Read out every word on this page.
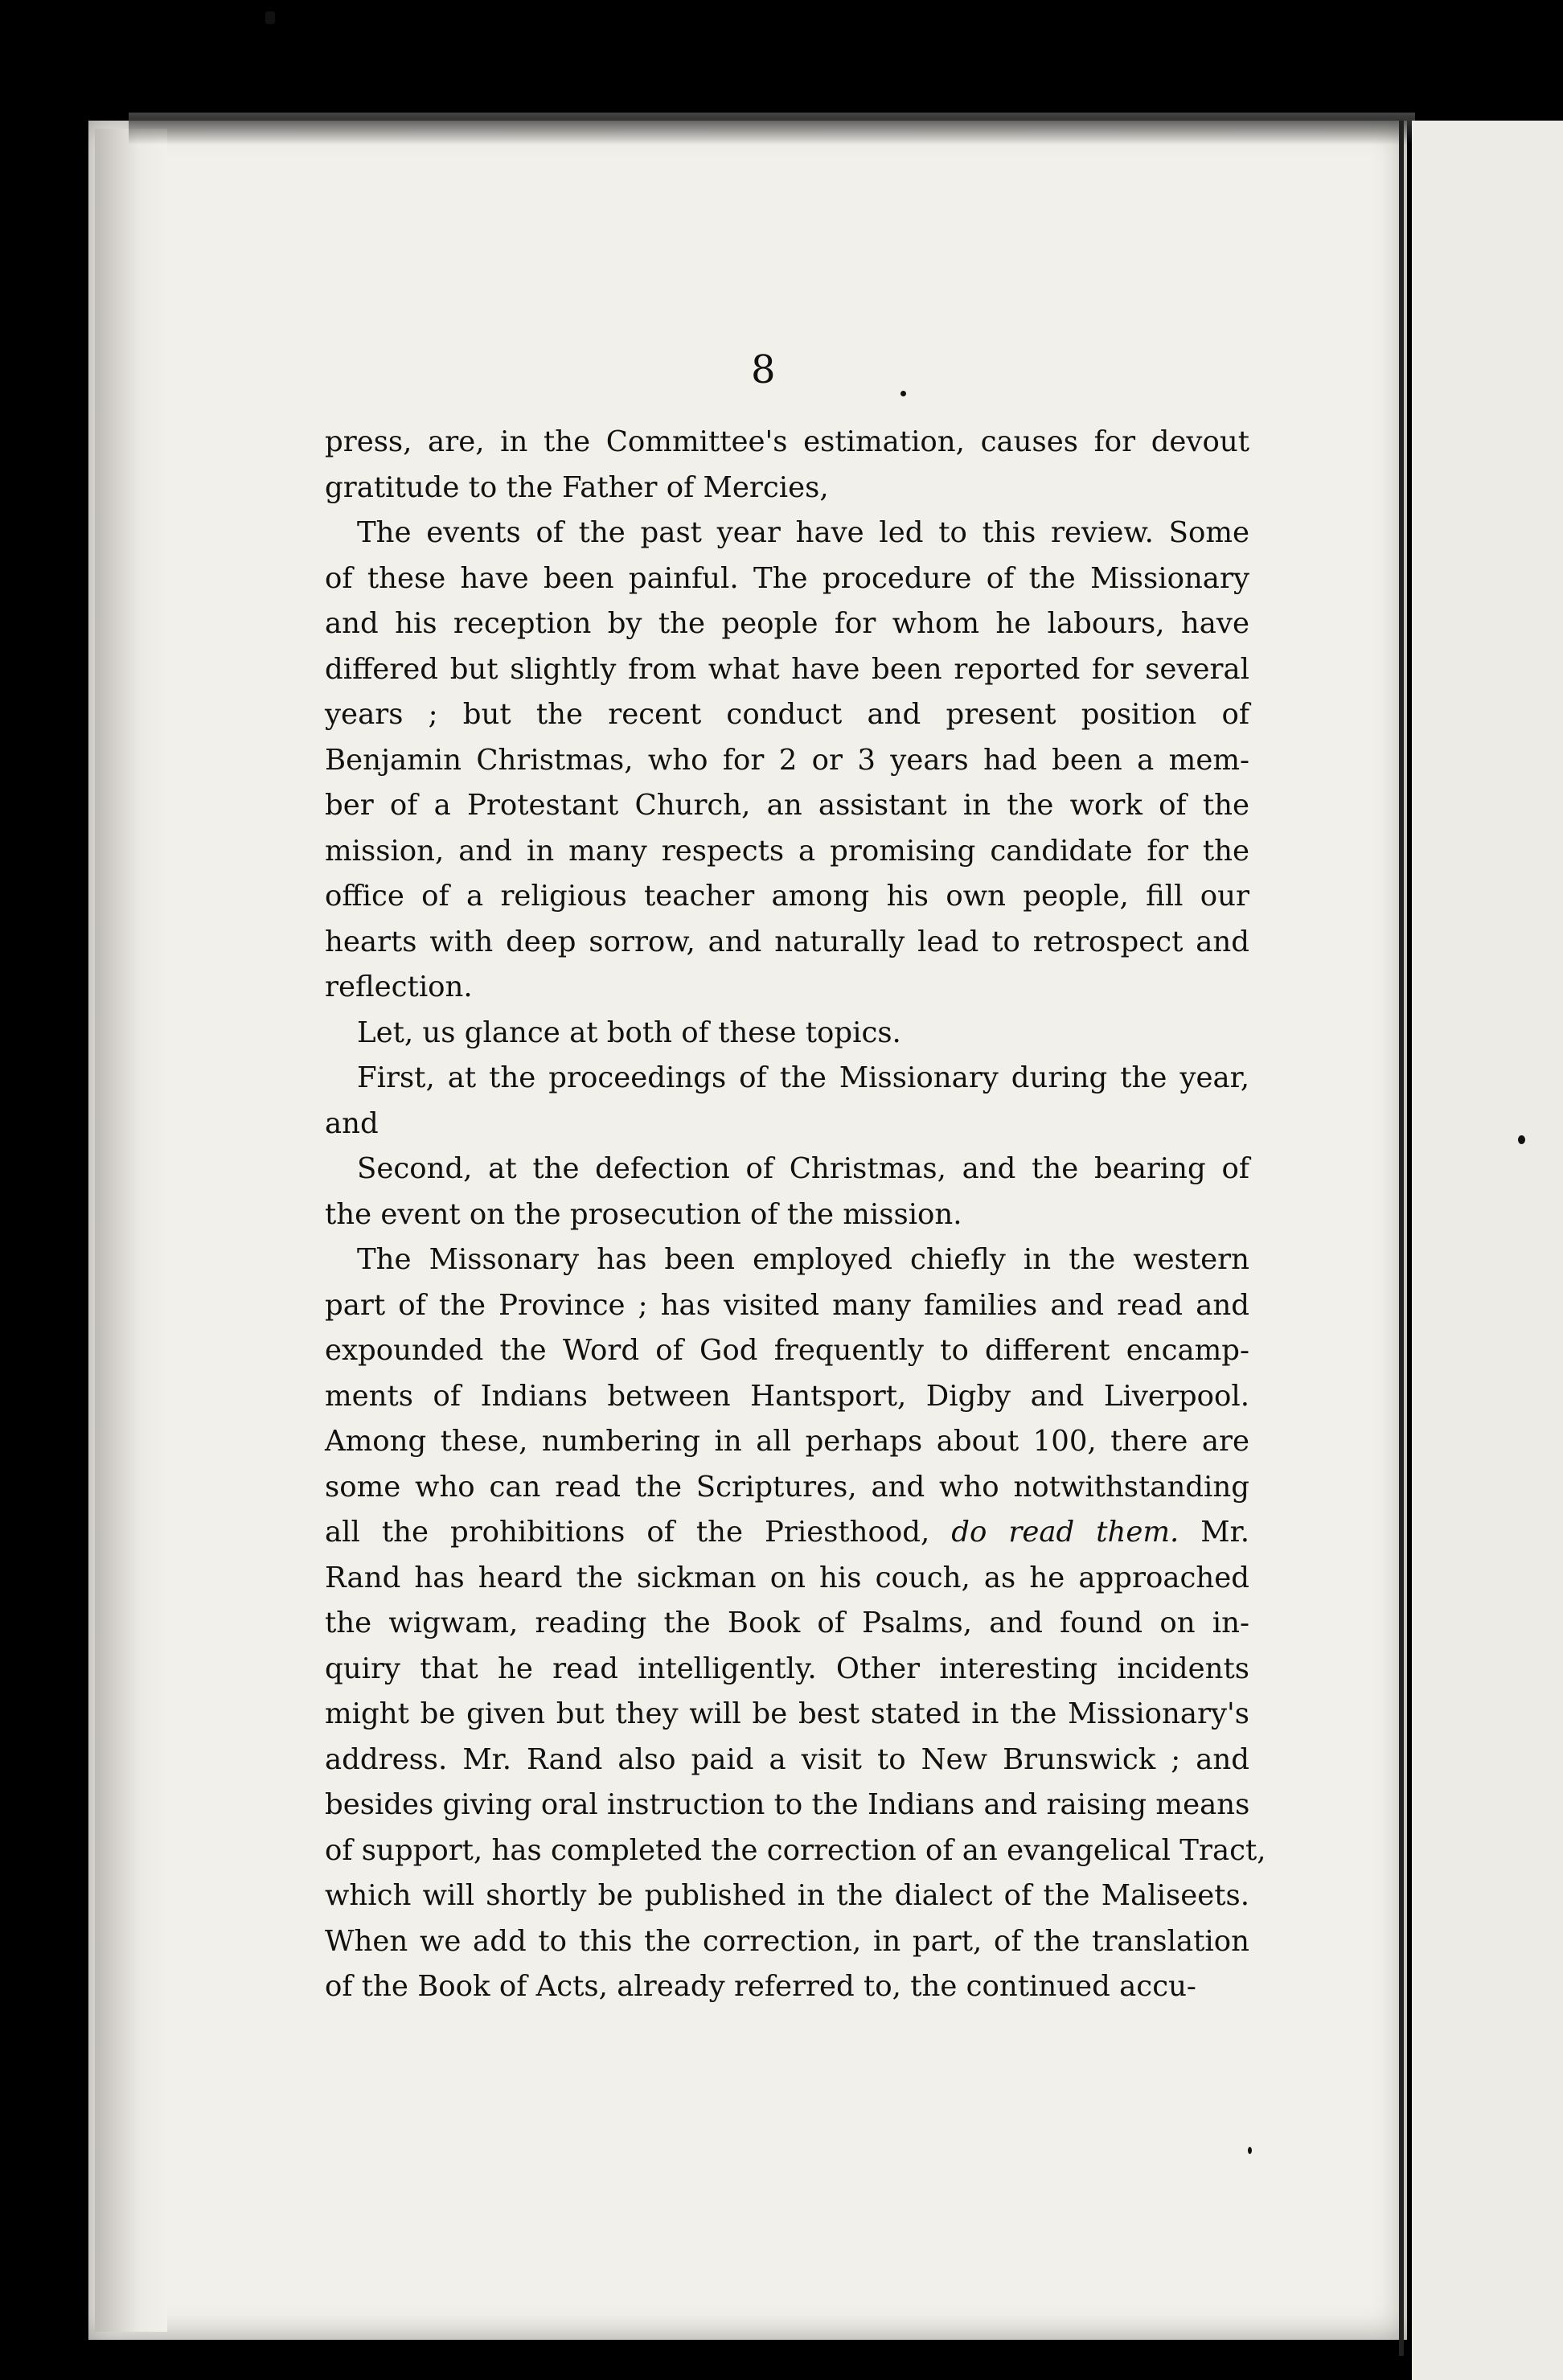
8
press, are, in the Committee's estimation, causes for devout
gratitude to the Father of Mercies,
The events of the past year have led to this review. Some
of these have been painful. The procedure of the Missionary
and his reception by the people for whom he labours, have
differed but slightly from what have been reported for several
years ; but the recent conduct and present position of
Benjamin Christmas, who for 2 or 3 years had been a mem-
ber of a Protestant Church, an assistant in the work of the
mission, and in many respects a promising candidate for the
office of a religious teacher among his own people, fill our
hearts with deep sorrow, and naturally lead to retrospect and
reflection.
Let, us glance at both of these topics.
First, at the proceedings of the Missionary during the year,
and
Second, at the defection of Christmas, and the bearing of
the event on the prosecution of the mission.
The Missonary has been employed chiefly in the western
part of the Province ; has visited many families and read and
expounded the Word of God frequently to different encamp-
ments of Indians between Hantsport, Digby and Liverpool.
Among these, numbering in all perhaps about 100, there are
some who can read the Scriptures, and who notwithstanding
all the prohibitions of the Priesthood, do read them. Mr.
Rand has heard the sickman on his couch, as he approached
the wigwam, reading the Book of Psalms, and found on in-
quiry that he read intelligently. Other interesting incidents
might be given but they will be best stated in the Missionary's
address. Mr. Rand also paid a visit to New Brunswick ; and
besides giving oral instruction to the Indians and raising means
of support, has completed the correction of an evangelical Tract,
which will shortly be published in the dialect of the Maliseets.
When we add to this the correction, in part, of the translation
of the Book of Acts, already referred to, the continued accu-
